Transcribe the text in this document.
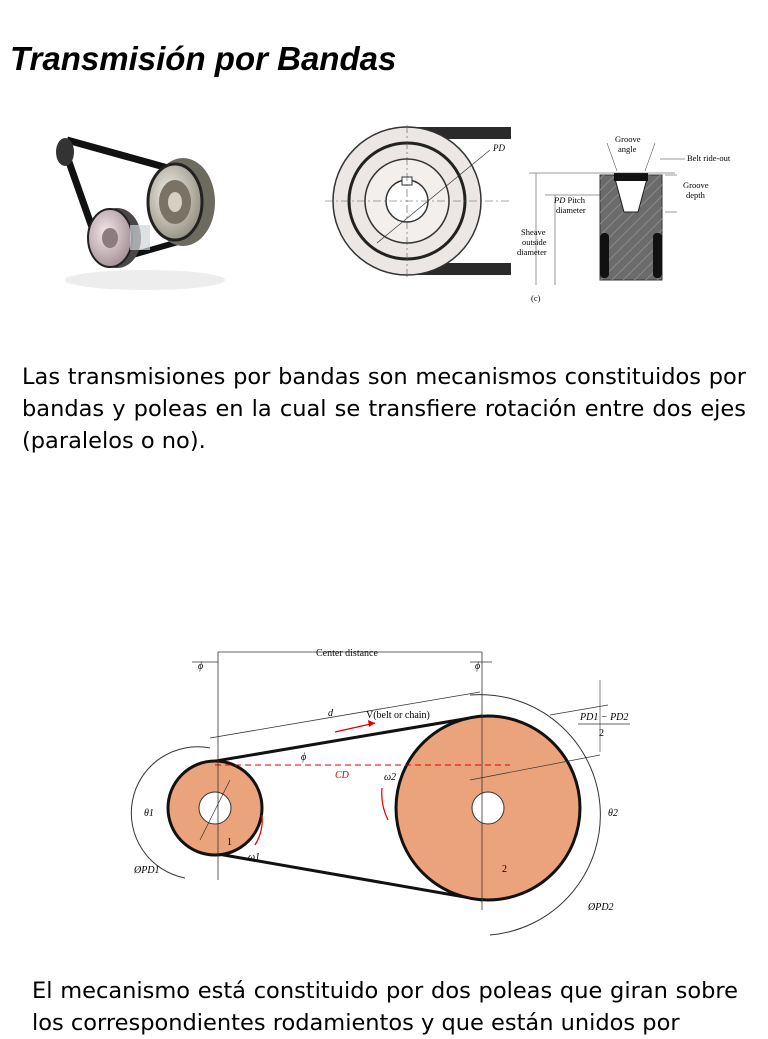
Transmisión por Bandas
PD
Groove angle
Belt ride-out
Groove depth
PD Pitch diameter
Sheave outside diameter
(c)
Las transmisiones por bandas son mecanismos constituidos por bandas y poleas en la cual se transfiere rotación entre dos ejes (paralelos o no).
Center distance
d	V(belt or chain)
CD
ϕ	ϕ
ϕ
ω1
ω2
θ1	θ2
PD1 − PD2
2
ØPD1
ØPD2
1
2
El mecanismo está constituido por dos poleas que giran sobre los correspondientes rodamientos y que están unidos por
